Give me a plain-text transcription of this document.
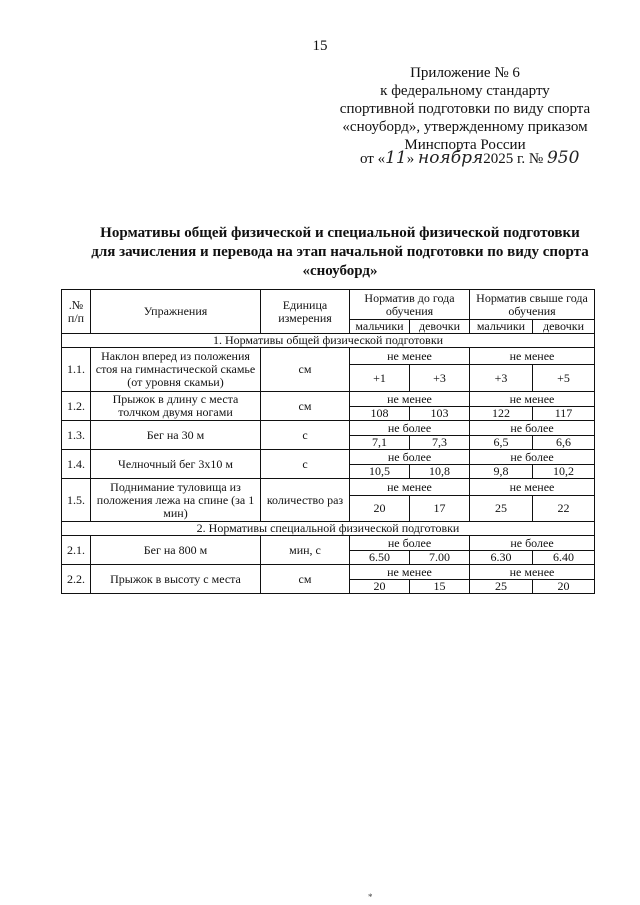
15
Приложение № 6
к федеральному стандарту
спортивной подготовки по виду спорта
«сноуборд», утвержденному приказом
Минспорта России
от «11» ноября2025 г. № 950
Нормативы общей физической и специальной физической подготовки
для зачисления и перевода на этап начальной подготовки по виду спорта
«сноуборд»
.№ п/п	Упражнения	Единица измерения	Норматив до года обучения		Норматив свыше года обучения	
			мальчики	девочки	мальчики	девочки
1. Нормативы общей физической подготовки						
1.1.	Наклон вперед из положения стоя на гимнастической скамье (от уровня скамьи)	см	не менее		не менее	
			+1	+3	+3	+5
1.2.	Прыжок в длину с места толчком двумя ногами	см	не менее		не менее	
			108	103	122	117
1.3.	Бег на 30 м	с	не более		не более	
			7,1	7,3	6,5	6,6
1.4.	Челночный бег 3x10 м	с	не более		не более	
			10,5	10,8	9,8	10,2
1.5.	Поднимание туловища из положения лежа на спине (за 1 мин)	количество раз	не менее		не менее	
			20	17	25	22
2. Нормативы специальной физической подготовки						
2.1.	Бег на 800 м	мин, с	не более		не более	
			6.50	7.00	6.30	6.40
2.2.	Прыжок в высоту с места	см	не менее		не менее	
			20	15	25	20
*
